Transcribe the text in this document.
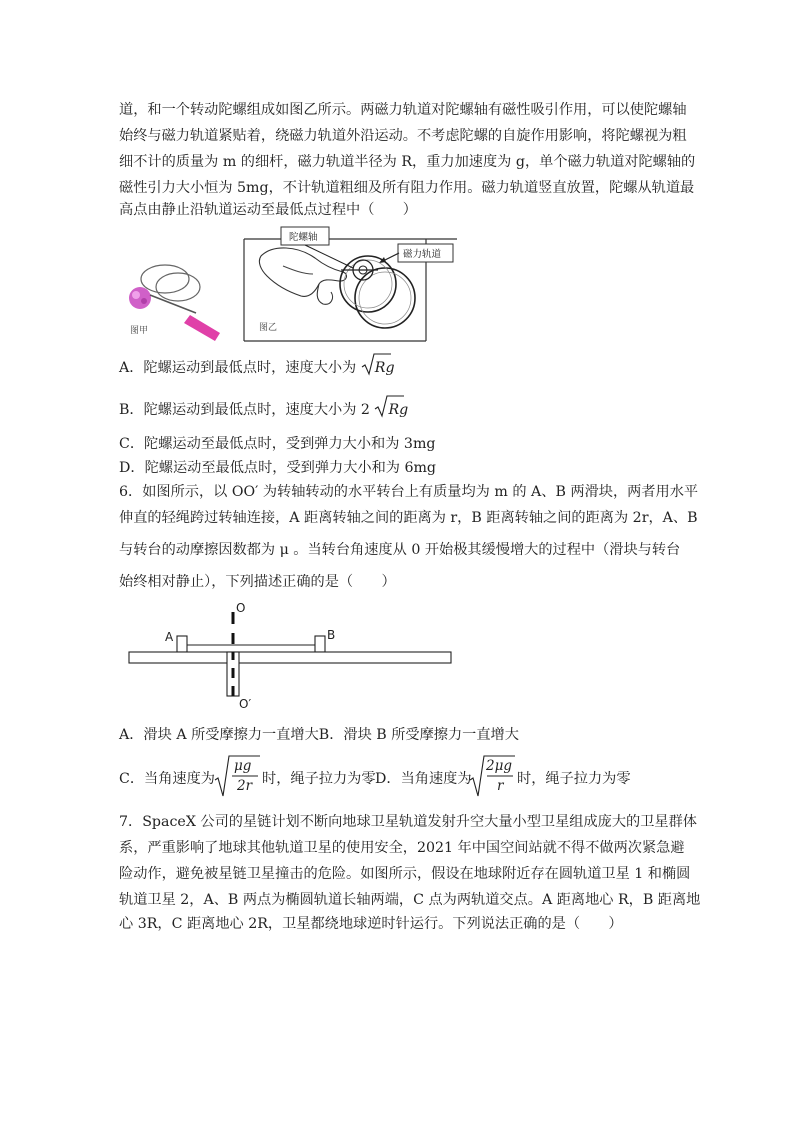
道，和一个转动陀螺组成如图乙所示。两磁力轨道对陀螺轴有磁性吸引作用，可以使陀螺轴
始终与磁力轨道紧贴着，绕磁力轨道外沿运动。不考虑陀螺的自旋作用影响，将陀螺视为粗
细不计的质量为 m 的细杆，磁力轨道半径为 R，重力加速度为 g，单个磁力轨道对陀螺轴的
磁性引力大小恒为 5mg，不计轨道粗细及所有阻力作用。磁力轨道竖直放置，陀螺从轨道最
高点由静止沿轨道运动至最低点过程中（　　）
图甲
陀螺轴
磁力轨道
图乙
A．陀螺运动到最低点时，速度大小为 Rg
B．陀螺运动到最低点时，速度大小为 2 Rg
C．陀螺运动至最低点时，受到弹力大小和为 3mg
D．陀螺运动至最低点时，受到弹力大小和为 6mg
6．如图所示，以 OO′ 为转轴转动的水平转台上有质量均为 m 的 A、B 两滑块，两者用水平
伸直的轻绳跨过转轴连接，A 距离转轴之间的距离为 r，B 距离转轴之间的距离为 2r，A、B
与转台的动摩擦因数都为 μ 。当转台角速度从 0 开始极其缓慢增大的过程中（滑块与转台
始终相对静止），下列描述正确的是（　　）
O
A	B
O′
A．滑块 A 所受摩擦力一直增大B．滑块 B 所受摩擦力一直增大
C．当角速度为
μg
2r 时，绳子拉力为零 D．当角速度为
2μg
r 时，绳子拉力为零
7．SpaceX 公司的星链计划不断向地球卫星轨道发射升空大量小型卫星组成庞大的卫星群体
系，严重影响了地球其他轨道卫星的使用安全，2021 年中国空间站就不得不做两次紧急避
险动作，避免被星链卫星撞击的危险。如图所示，假设在地球附近存在圆轨道卫星 1 和椭圆
轨道卫星 2，A、B 两点为椭圆轨道长轴两端，C 点为两轨道交点。A 距离地心 R，B 距离地
心 3R，C 距离地心 2R，卫星都绕地球逆时针运行。下列说法正确的是（　　）
